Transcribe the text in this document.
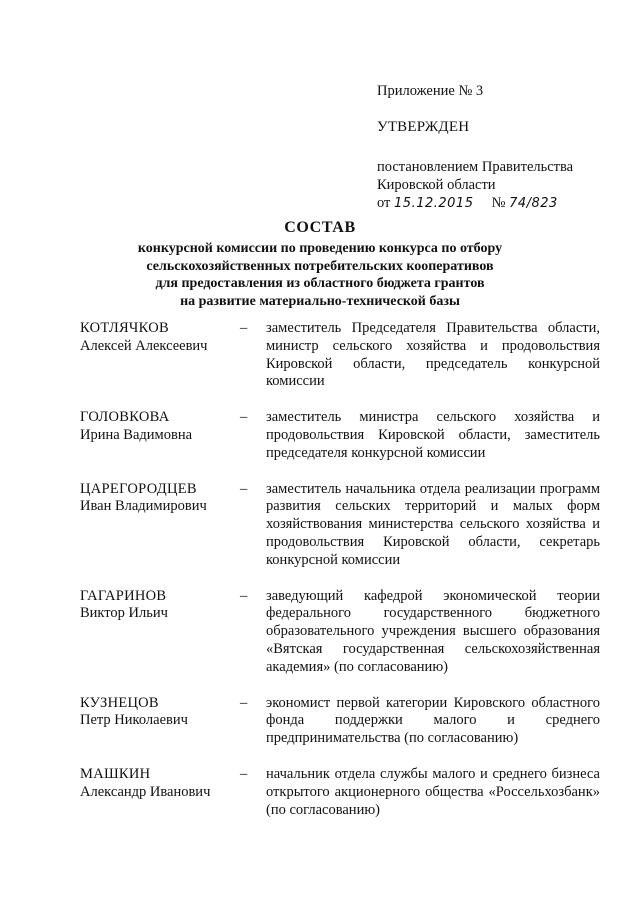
Приложение № 3

УТВЕРЖДЕН

постановлением Правительства
Кировской области
от 15.12.2015 № 74/823

СОСТАВ
конкурсной комиссии по проведению конкурса по отбору
сельскохозяйственных потребительских кооперативов
для предоставления из областного бюджета грантов
на развитие материально-технической базы
КОТЛЯЧКОВ
Алексей Алексеевич
–	заместитель Председателя Правительства области, министр сельского хозяйства и продовольствия Кировской области, председатель конкурсной комиссии
ГОЛОВКОВА
Ирина Вадимовна
–	заместитель министра сельского хозяйства и продовольствия Кировской области, заместитель председателя конкурсной комиссии
ЦАРЕГОРОДЦЕВ
Иван Владимирович
–	заместитель начальника отдела реализации программ развития сельских территорий и малых форм хозяйствования министерства сельского хозяйства и продовольствия Кировской области, секретарь конкурсной комиссии
ГАГАРИНОВ
Виктор Ильич
–	заведующий кафедрой экономической теории федерального государственного бюджетного образовательного учреждения высшего образования «Вятская государственная сельскохозяйственная академия» (по согласованию)
КУЗНЕЦОВ
Петр Николаевич
–	экономист первой категории Кировского областного фонда поддержки малого и среднего предпринимательства (по согласованию)
МАШКИН
Александр Иванович
–	начальник отдела службы малого и среднего бизнеса открытого акционерного общества «Россельхозбанк» (по согласованию)
